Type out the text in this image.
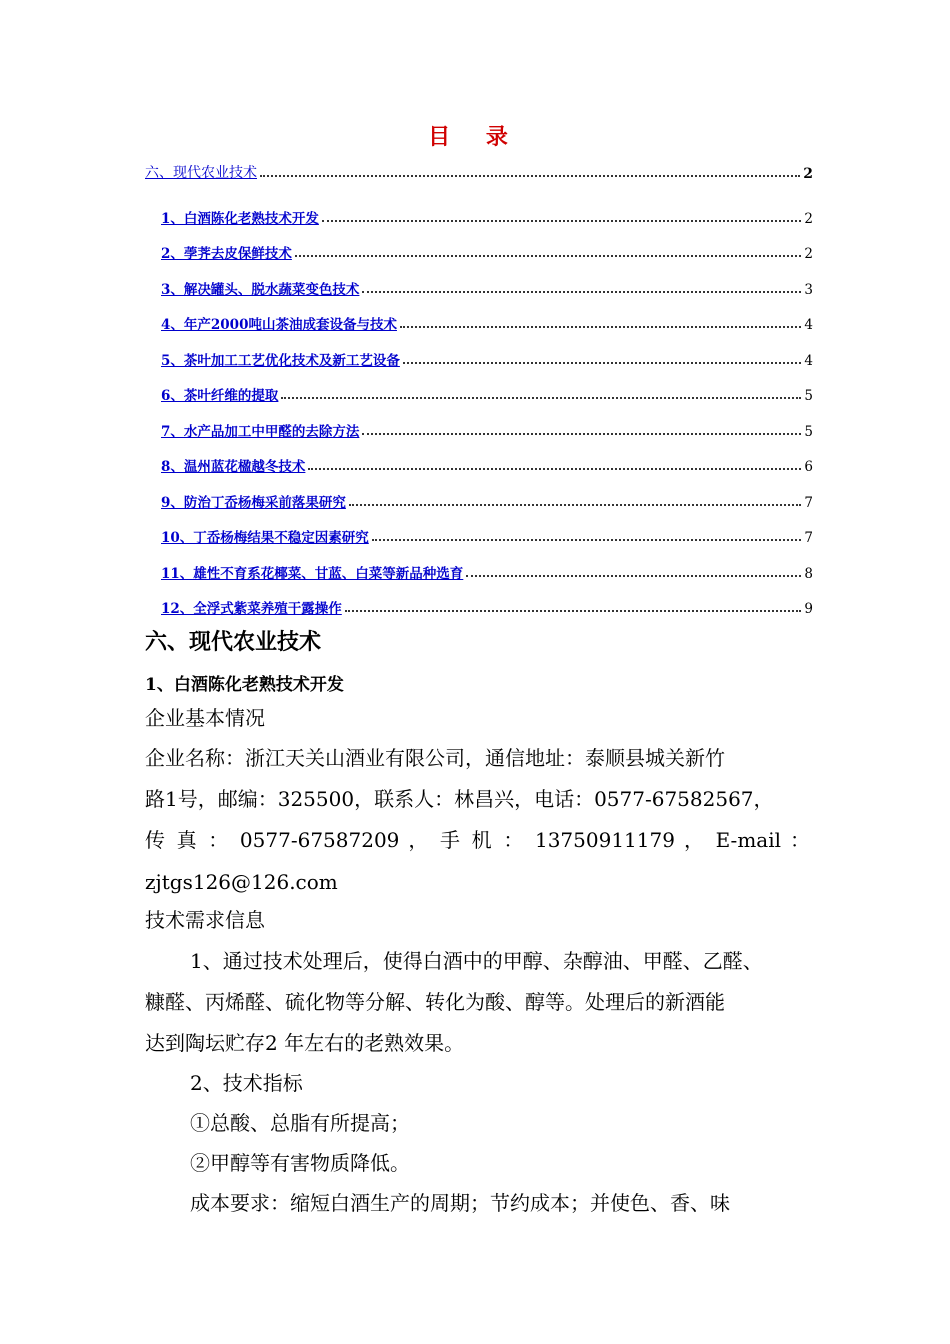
目 录
六、现代农业技术	2
1、白酒陈化老熟技术开发	2
2、荸荠去皮保鲜技术	2
3、解决罐头、脱水蔬菜变色技术	3
4、年产2000吨山茶油成套设备与技术	4
5、茶叶加工工艺优化技术及新工艺设备	4
6、茶叶纤维的提取	5
7、水产品加工中甲醛的去除方法	5
8、温州蓝花楹越冬技术	6
9、防治丁岙杨梅采前落果研究	7
10、丁岙杨梅结果不稳定因素研究	7
11、雄性不育系花椰菜、甘蓝、白菜等新品种选育	8
12、全浮式紫菜养殖干露操作	9
六、现代农业技术
1、白酒陈化老熟技术开发
企业基本情况
企业名称：浙江天关山酒业有限公司，通信地址：泰顺县城关新竹
路1号，邮编：325500，联系人：林昌兴，电话：0577-67582567，
传 真 ： 0577-67587209 ， 手 机 ： 13750911179 ， E-mail ：
zjtgs126@126.com
技术需求信息
1、通过技术处理后，使得白酒中的甲醇、杂醇油、甲醛、乙醛、
糠醛、丙烯醛、硫化物等分解、转化为酸、醇等。处理后的新酒能
达到陶坛贮存2 年左右的老熟效果。
2、技术指标
①总酸、总脂有所提高；
②甲醇等有害物质降低。
成本要求：缩短白酒生产的周期；节约成本；并使色、香、味
